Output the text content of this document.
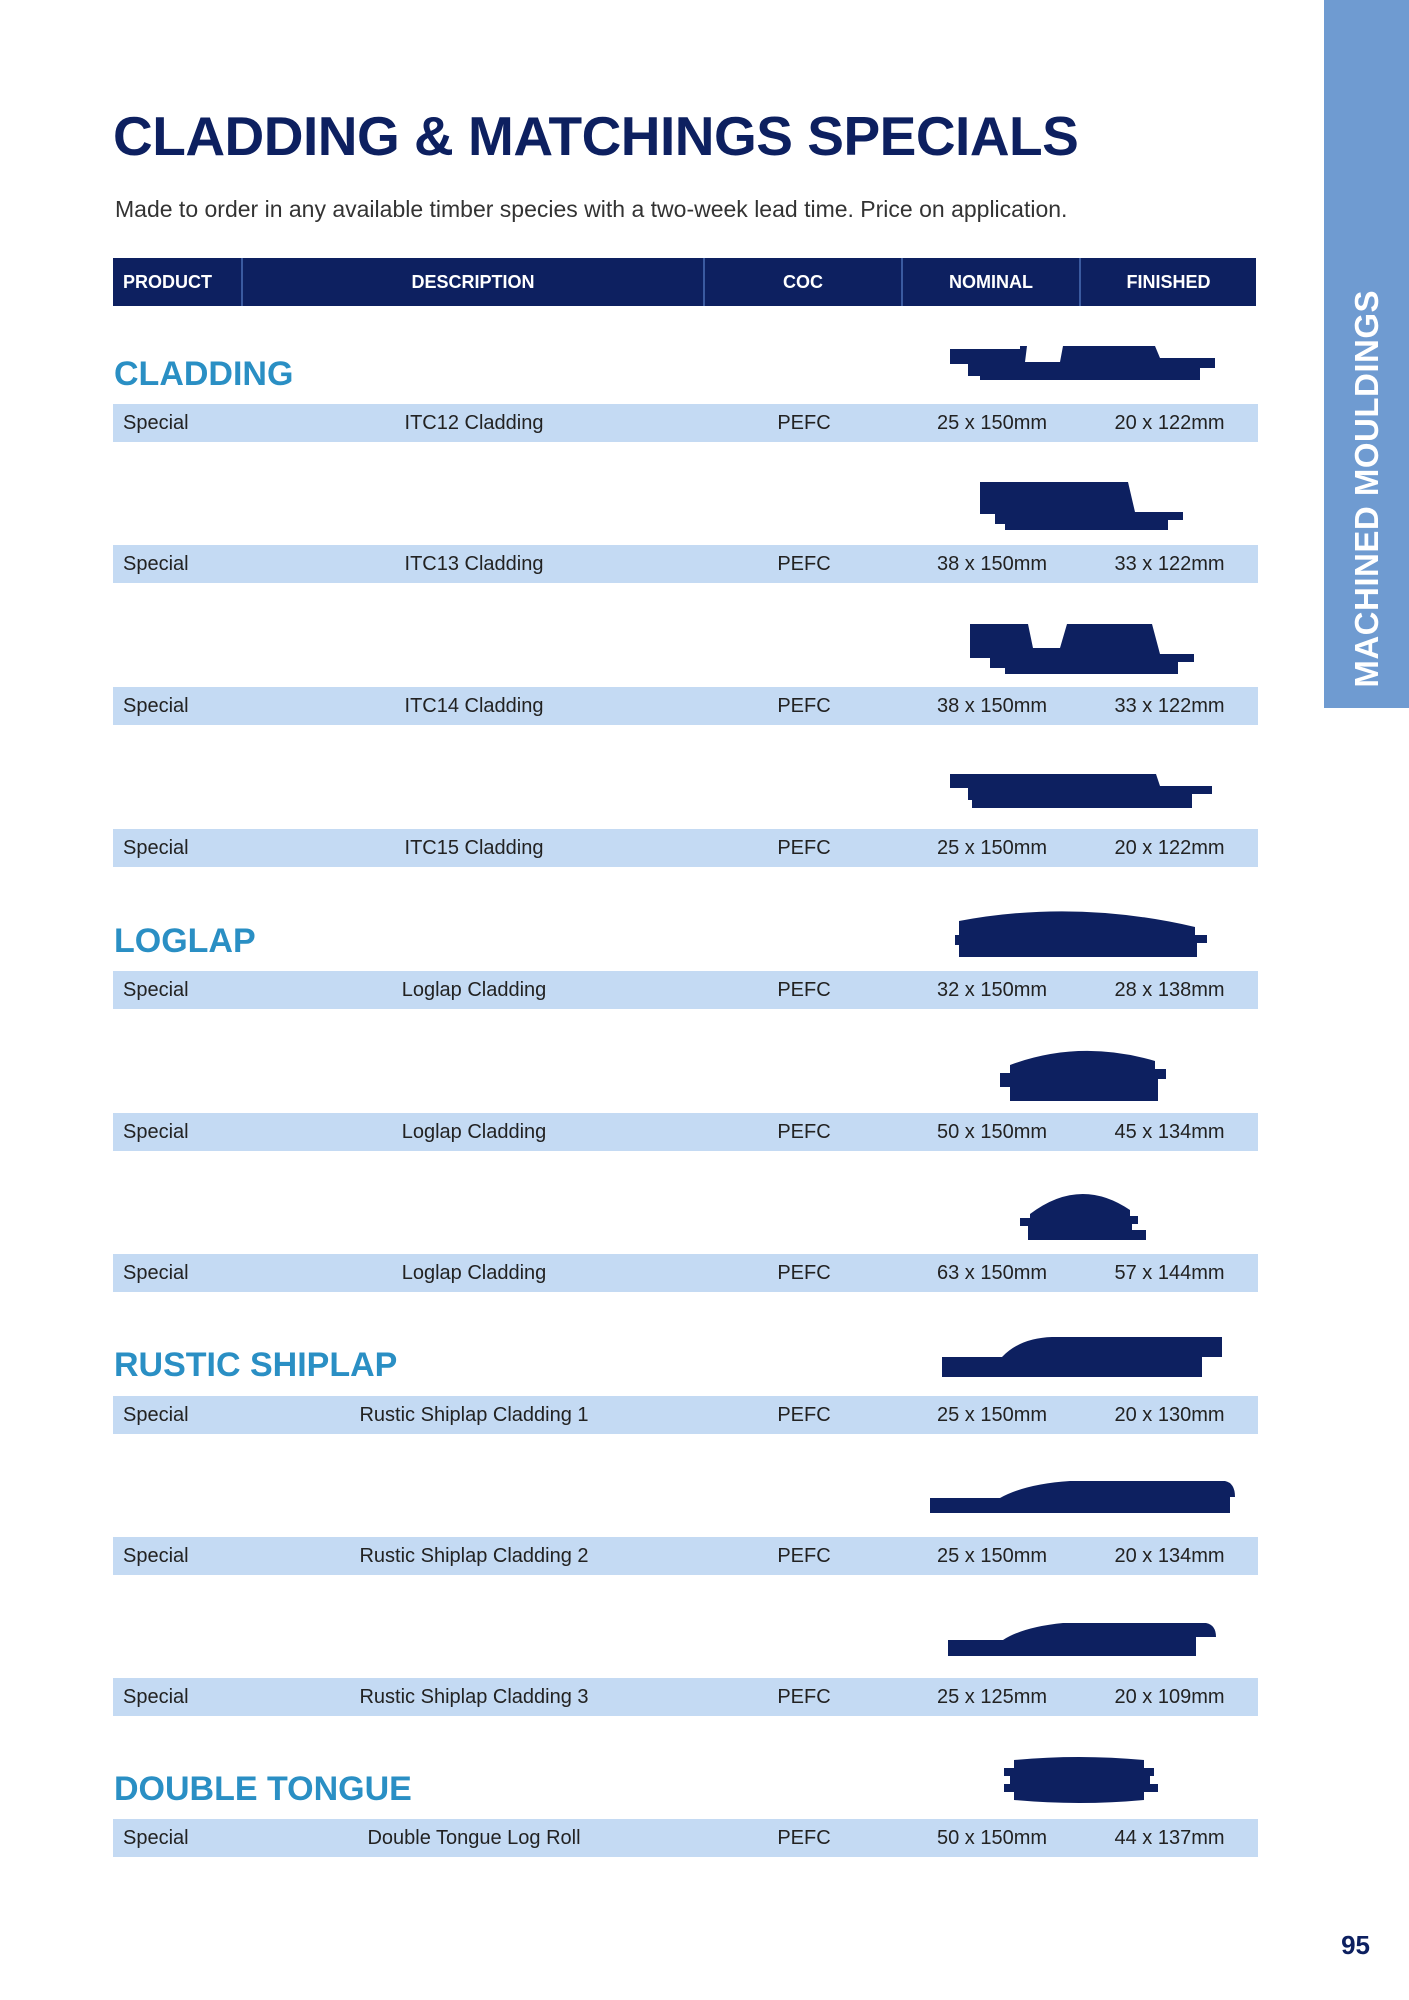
MACHINED MOULDINGS
CLADDING & MATCHINGS SPECIALS

Made to order in any available timber species with a two-week lead time. Price on application.

PRODUCT	DESCRIPTION	COC	NOMINAL	FINISHED
CLADDING
Special	ITC12 Cladding	PEFC	25 x 150mm	20 x 122mm
Special	ITC13 Cladding	PEFC	38 x 150mm	33 x 122mm
Special	ITC14 Cladding	PEFC	38 x 150mm	33 x 122mm
Special	ITC15 Cladding	PEFC	25 x 150mm	20 x 122mm
LOGLAP
Special	Loglap Cladding	PEFC	32 x 150mm	28 x 138mm
Special	Loglap Cladding	PEFC	50 x 150mm	45 x 134mm
Special	Loglap Cladding	PEFC	63 x 150mm	57 x 144mm
RUSTIC SHIPLAP
Special	Rustic Shiplap Cladding 1	PEFC	25 x 150mm	20 x 130mm
Special	Rustic Shiplap Cladding 2	PEFC	25 x 150mm	20 x 134mm
Special	Rustic Shiplap Cladding 3	PEFC	25 x 125mm	20 x 109mm
DOUBLE TONGUE
Special	Double Tongue Log Roll	PEFC	50 x 150mm	44 x 137mm

95
